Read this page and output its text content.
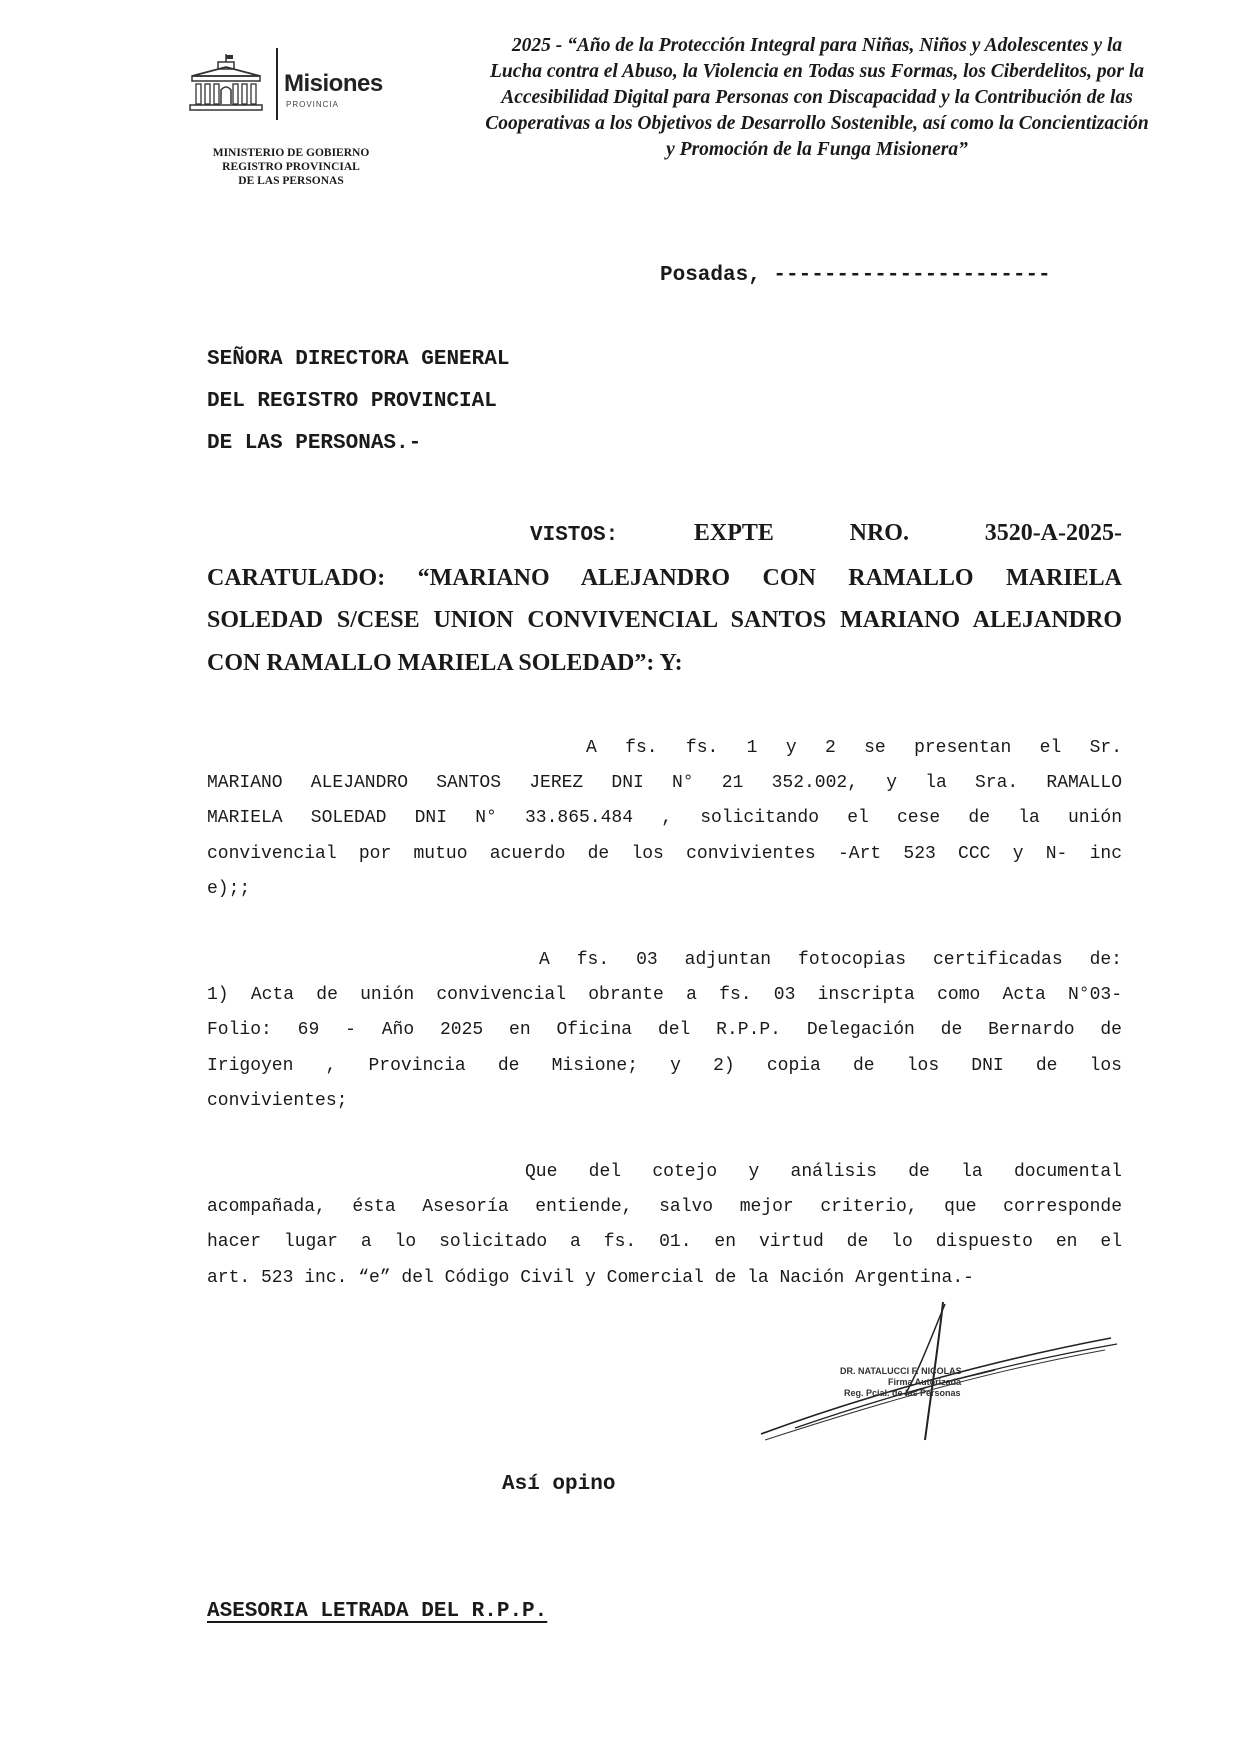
Misiones
PROVINCIA
MINISTERIO DE GOBIERNO
REGISTRO PROVINCIAL
DE LAS PERSONAS
2025 - “Año de la Protección Integral para Niñas, Niños y Adolescentes y la
Lucha contra el Abuso, la Violencia en Todas sus Formas, los Ciberdelitos, por la
Accesibilidad Digital para Personas con Discapacidad y la Contribución de las
Cooperativas a los Objetivos de Desarrollo Sostenible, así como la Concientización
y Promoción de la Funga Misionera”
Posadas, ----------------------
SEÑORA DIRECTORA GENERAL
DEL REGISTRO PROVINCIAL
DE LAS PERSONAS.-
VISTOS:	EXPTE	NRO.	3520-A-2025-
CARATULADO: “MARIANO ALEJANDRO CON RAMALLO MARIELA
SOLEDAD S/CESE UNION CONVIVENCIAL SANTOS MARIANO ALEJANDRO
CON RAMALLO MARIELA SOLEDAD”: Y:
A fs. fs. 1 y 2 se presentan el Sr.
MARIANO ALEJANDRO SANTOS JEREZ DNI N° 21 352.002, y la Sra. RAMALLO
MARIELA SOLEDAD DNI N° 33.865.484 , solicitando el cese de la unión
convivencial por mutuo acuerdo de los convivientes -Art 523 CCC y N- inc
e);;
A fs. 03 adjuntan fotocopias certificadas de:
1) Acta de unión convivencial obrante a fs. 03 inscripta como Acta N°03-
Folio: 69 - Año 2025 en Oficina del R.P.P. Delegación de Bernardo de
Irigoyen , Provincia de Misione; y 2) copia de los DNI de los
convivientes;
Que del cotejo y análisis de la documental
acompañada, ésta Asesoría entiende, salvo mejor criterio, que corresponde
hacer lugar a lo solicitado a fs. 01. en virtud de lo dispuesto en el
art. 523 inc. “e” del Código Civil y Comercial de la Nación Argentina.-
DR. NATALUCCI F. NICOLAS
Firma Autorizada
Reg. Pcial. de las Personas
Así opino
ASESORIA LETRADA DEL R.P.P.
